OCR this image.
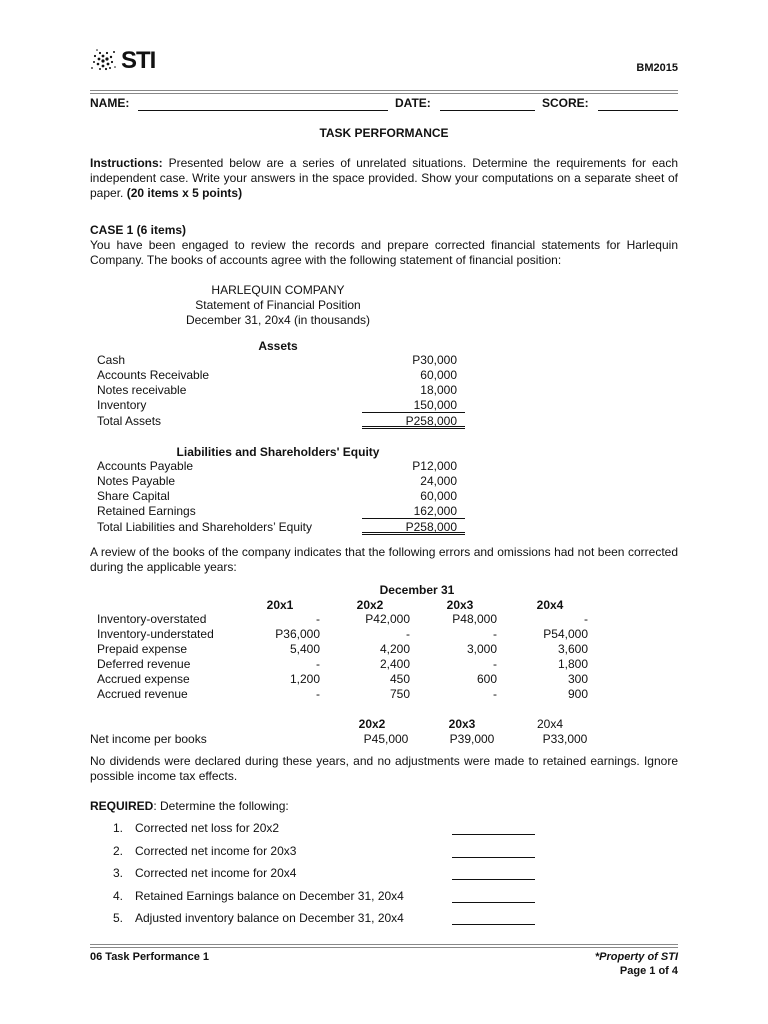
STI	BM2015
NAME:	DATE:	SCORE:
TASK PERFORMANCE

Instructions: Presented below are a series of unrelated situations. Determine the requirements for each independent case. Write your answers in the space provided. Show your computations on a separate sheet of paper. (20 items x 5 points)

CASE 1 (6 items)

You have been engaged to review the records and prepare corrected financial statements for Harlequin Company. The books of accounts agree with the following statement of financial position:

HARLEQUIN COMPANY
Statement of Financial Position
December 31, 20x4 (in thousands)
Assets
Cash	P30,000
Accounts Receivable	60,000
Notes receivable	18,000
Inventory	150,000
Total Assets	P258,000
Liabilities and Shareholders' Equity
Accounts Payable	P12,000
Notes Payable	24,000
Share Capital	60,000
Retained Earnings	162,000
Total Liabilities and Shareholders’ Equity	P258,000

A review of the books of the company indicates that the following errors and omissions had not been corrected during the applicable years:

December 31
20x1	20x2	20x3	20x4
Inventory-overstated	-	P42,000	P48,000	-
Inventory-understated	P36,000	-	-	P54,000
Prepaid expense	5,400	4,200	3,000	3,600
Deferred revenue	-	2,400	-	1,800
Accrued expense	1,200	450	600	300
Accrued revenue	-	750	-	900
20x2	20x3	20x4
Net income per books	P45,000	P39,000	P33,000

No dividends were declared during these years, and no adjustments were made to retained earnings. Ignore possible income tax effects.

REQUIRED: Determine the following:
1. Corrected net loss for 20x2
2. Corrected net income for 20x3
3. Corrected net income for 20x4
4. Retained Earnings balance on December 31, 20x4
5. Adjusted inventory balance on December 31, 20x4
06 Task Performance 1	*Property of STI
Page 1 of 4
